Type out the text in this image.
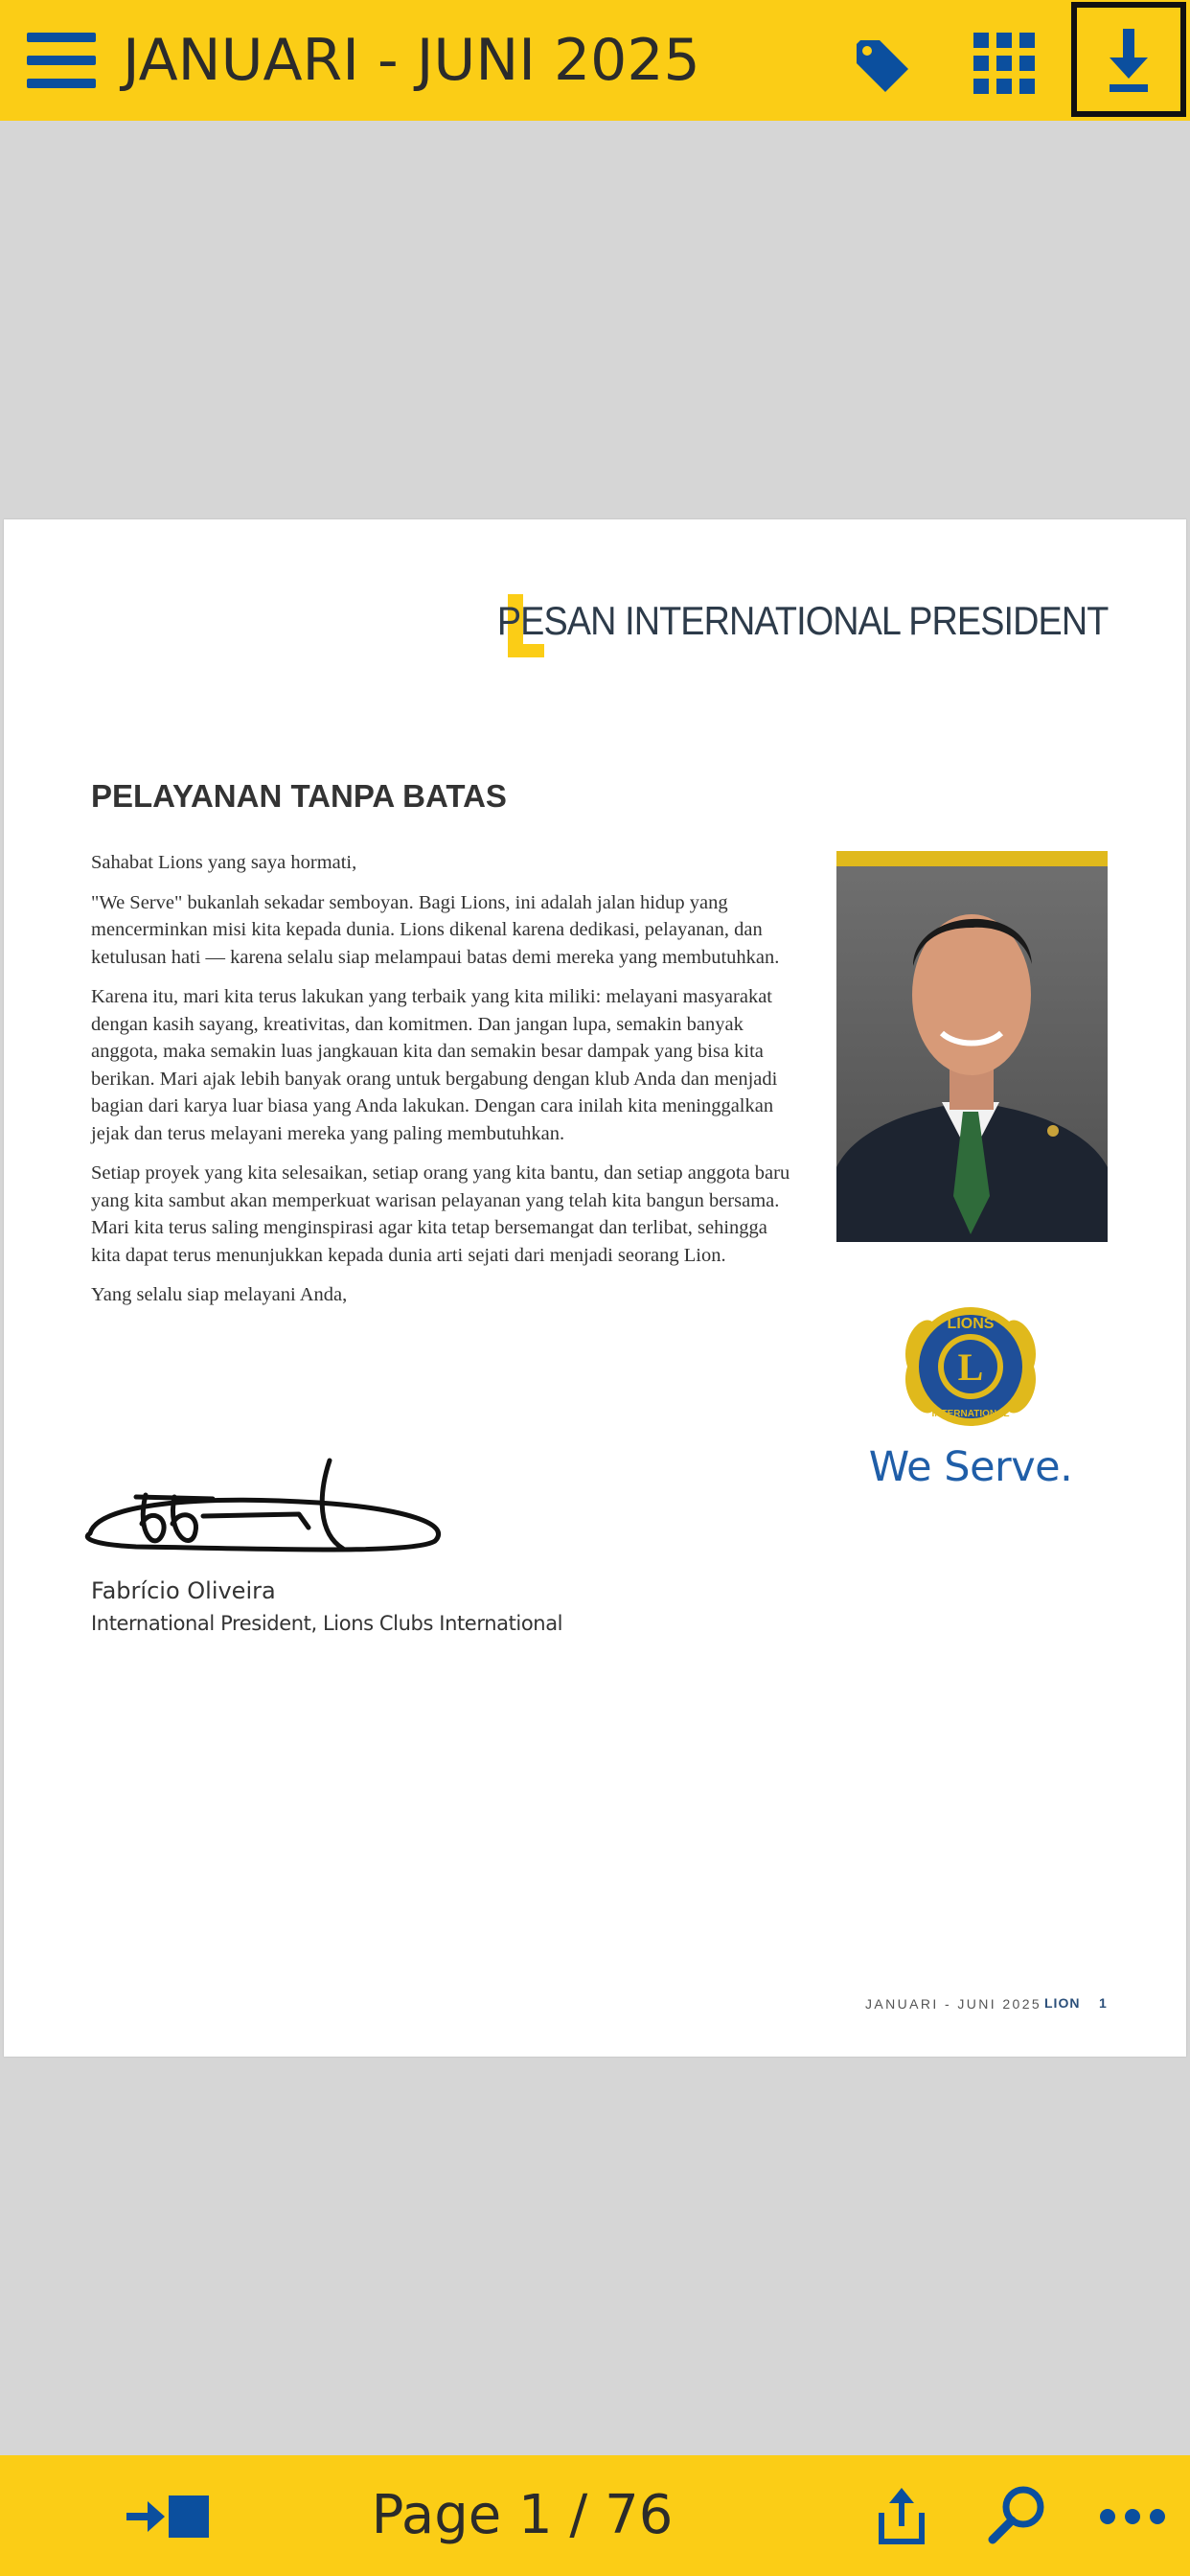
JANUARI - JUNI 2025
PESAN INTERNATIONAL PRESIDENT
PELAYANAN TANPA BATAS

Sahabat Lions yang saya hormati,

"We Serve" bukanlah sekadar semboyan. Bagi Lions, ini adalah jalan hidup yang mencerminkan misi kita kepada dunia. Lions dikenal karena dedikasi, pelayanan, dan ketulusan hati — karena selalu siap melampaui batas demi mereka yang membutuhkan.

Karena itu, mari kita terus lakukan yang terbaik yang kita miliki: melayani masyarakat dengan kasih sayang, kreativitas, dan komitmen. Dan jangan lupa, semakin banyak anggota, maka semakin luas jangkauan kita dan semakin besar dampak yang bisa kita berikan. Mari ajak lebih banyak orang untuk bergabung dengan klub Anda dan menjadi bagian dari karya luar biasa yang Anda lakukan. Dengan cara inilah kita meninggalkan jejak dan terus melayani mereka yang paling membutuhkan.

Setiap proyek yang kita selesaikan, setiap orang yang kita bantu, dan setiap anggota baru yang kita sambut akan memperkuat warisan pelayanan yang telah kita bangun bersama. Mari kita terus saling menginspirasi agar kita tetap bersemangat dan terlibat, sehingga kita dapat terus menunjukkan kepada dunia arti sejati dari menjadi seorang Lion.

Yang selalu siap melayani Anda,

Fabrício Oliveira
International President, Lions Clubs International
LIONS
L
INTERNATIONAL
We Serve.
JANUARI - JUNI 2025 LION 1
Page 1 / 76
